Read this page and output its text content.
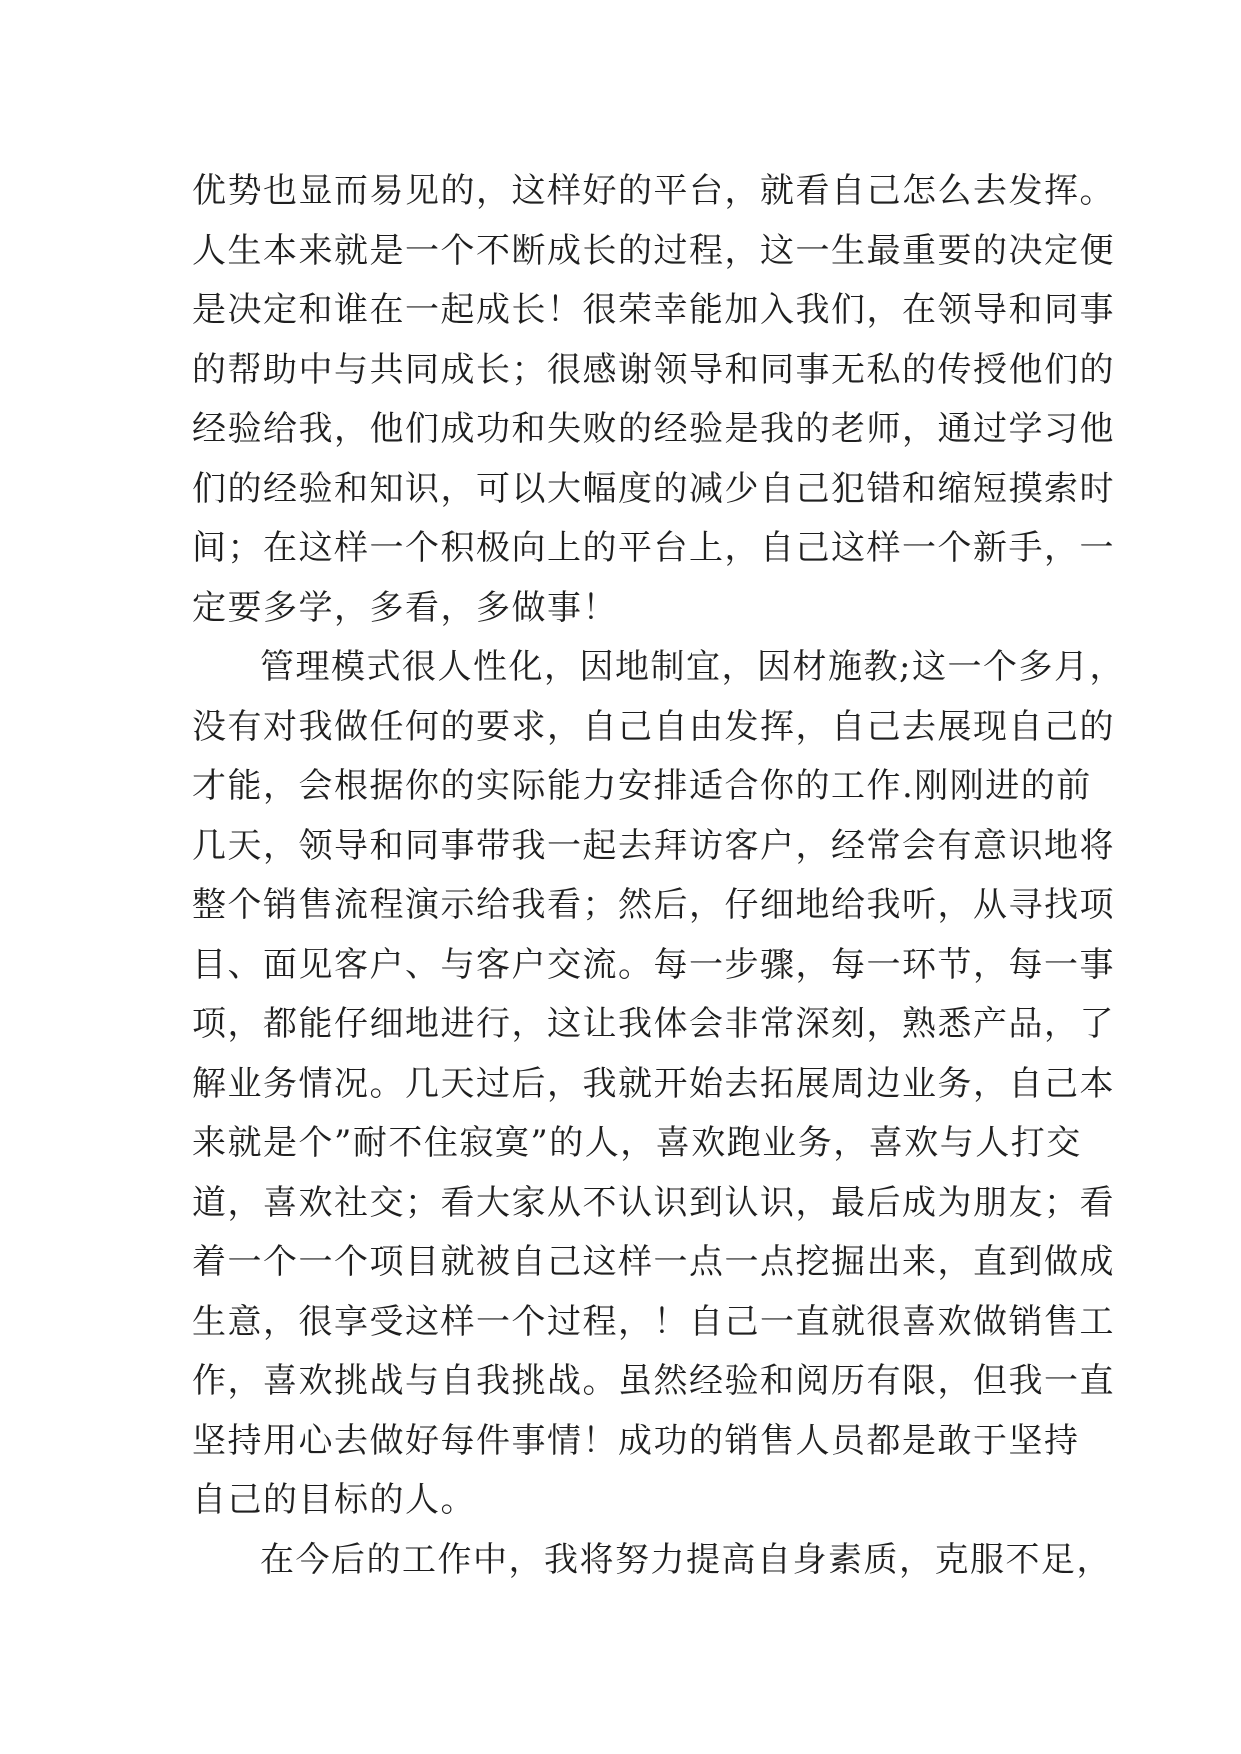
优势也显而易见的，这样好的平台，就看自己怎么去发挥。
人生本来就是一个不断成长的过程，这一生最重要的决定便
是决定和谁在一起成长！很荣幸能加入我们，在领导和同事
的帮助中与共同成长；很感谢领导和同事无私的传授他们的
经验给我，他们成功和失败的经验是我的老师，通过学习他
们的经验和知识，可以大幅度的减少自己犯错和缩短摸索时
间；在这样一个积极向上的平台上，自己这样一个新手，一
定要多学，多看，多做事！
管理模式很人性化，因地制宜，因材施教;这一个多月，
没有对我做任何的要求，自己自由发挥，自己去展现自己的
才能，会根据你的实际能力安排适合你的工作.刚刚进的前
几天，领导和同事带我一起去拜访客户，经常会有意识地将
整个销售流程演示给我看；然后，仔细地给我听，从寻找项
目、面见客户、与客户交流。每一步骤，每一环节，每一事
项，都能仔细地进行，这让我体会非常深刻，熟悉产品，了
解业务情况。几天过后，我就开始去拓展周边业务，自己本
来就是个”耐不住寂寞”的人，喜欢跑业务，喜欢与人打交
道，喜欢社交；看大家从不认识到认识，最后成为朋友；看
着一个一个项目就被自己这样一点一点挖掘出来，直到做成
生意，很享受这样一个过程，！自己一直就很喜欢做销售工
作，喜欢挑战与自我挑战。虽然经验和阅历有限，但我一直
坚持用心去做好每件事情！成功的销售人员都是敢于坚持
自己的目标的人。
在今后的工作中，我将努力提高自身素质，克服不足，
